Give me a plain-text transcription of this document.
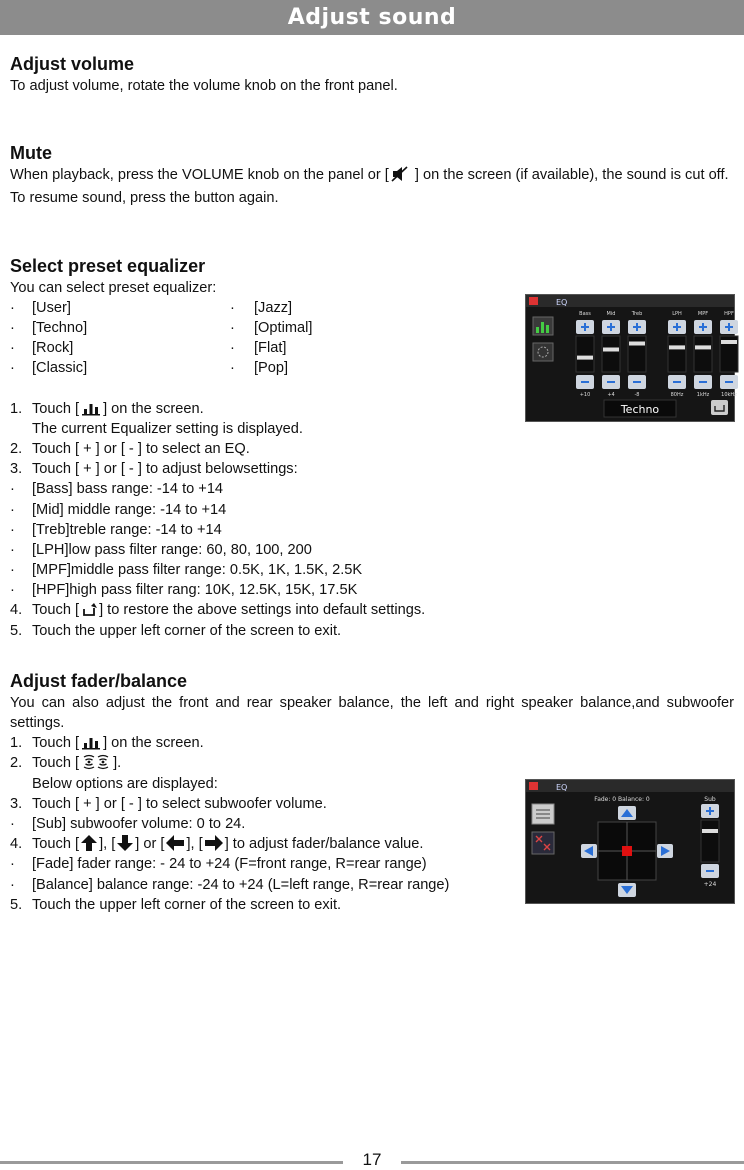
Adjust sound
Adjust volume

To adjust volume, rotate the volume knob on the front panel.

Mute

When playback, press the VOLUME knob on the panel or [ ] on the screen (if available), the sound is cut off.

To resume sound, press the button again.

Select preset equalizer

You can select preset equalizer:

· [User]	· [Jazz]
· [Techno]	· [Optimal]
· [Rock]	· [Flat]
· [Classic]	· [Pop]
1. Touch [ ] on the screen.

The current Equalizer setting is displayed.

2. Touch [ + ] or [ - ] to select an EQ.
3. Touch [ + ] or [ - ] to adjust belowsettings:
· [Bass] bass range: -14 to +14
· [Mid] middle range: -14 to +14
· [Treb]treble range: -14 to +14
· [LPH]low pass filter range: 60, 80, 100, 200
· [MPF]middle pass filter range: 0.5K, 1K, 1.5K, 2.5K
· [HPF]high pass filter rang: 10K, 12.5K, 15K, 17.5K
4. Touch [ ] to restore the above settings into default settings.
5. Touch the upper left corner of the screen to exit.
Adjust fader/balance

You can also adjust the front and rear speaker balance, the left and right speaker balance,and subwoofer settings.

1. Touch [ ] on the screen.
2. Touch [ ].

Below options are displayed:

3. Touch [ + ] or [ - ] to select subwoofer volume.
· [Sub] subwoofer volume: 0 to 24.
4. Touch [ ], [ ] or [ ], [ ] to adjust fader/balance value.
· [Fade] fader range: - 24 to +24 (F=front range, R=rear range)
· [Balance] balance range: -24 to +24 (L=left range, R=rear range)
5. Touch the upper left corner of the screen to exit.
EQ
Bass
+10
Mid
+4
Treb
-8
LPH
80Hz
MPF
1kHz
HPF
10kHz
Techno
EQ
Fade: 0 Balance: 0	Sub
+24
17
